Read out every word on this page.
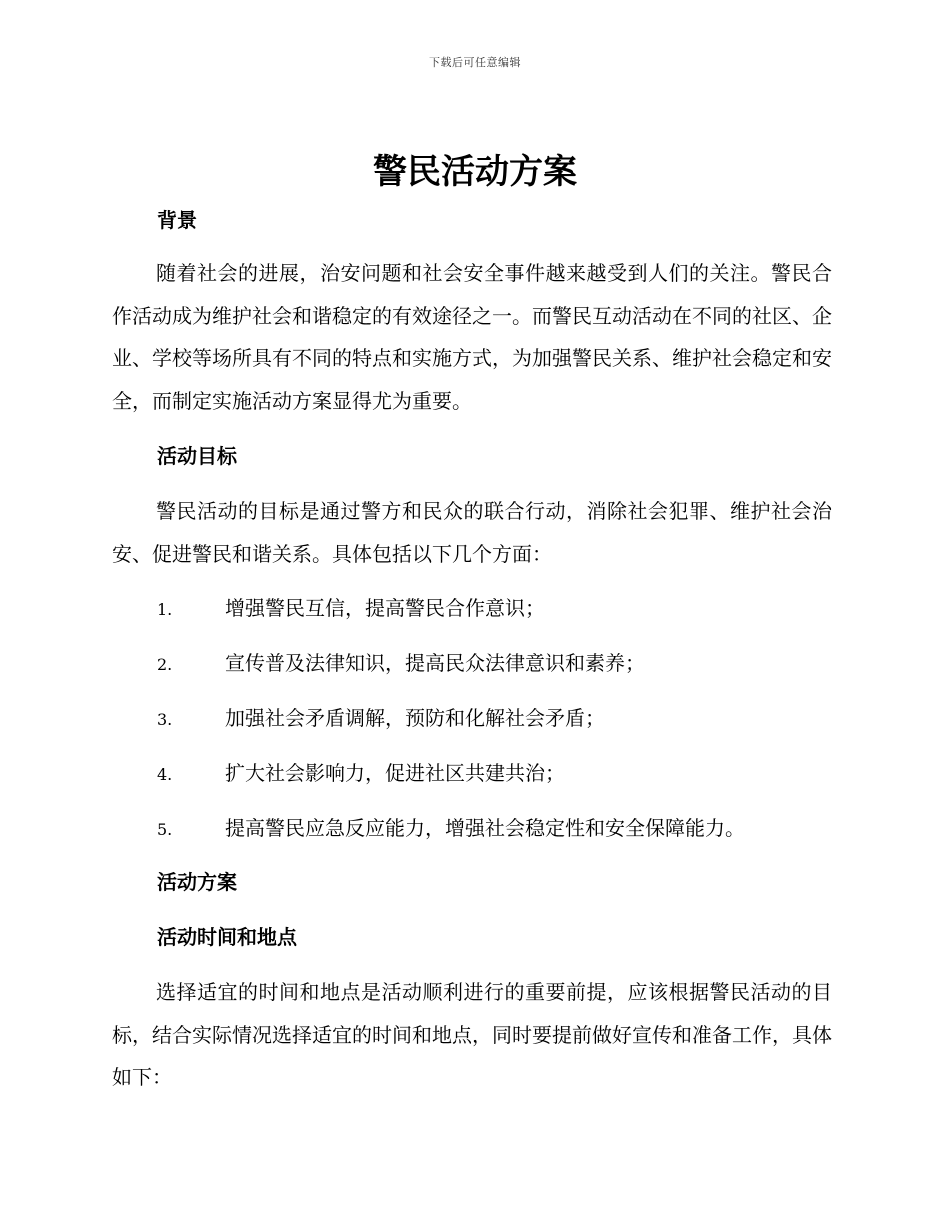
下载后可任意编辑
警民活动方案
背景

随着社会的进展，治安问题和社会安全事件越来越受到人们的关注。警民合作活动成为维护社会和谐稳定的有效途径之一。而警民互动活动在不同的社区、企业、学校等场所具有不同的特点和实施方式，为加强警民关系、维护社会稳定和安全，而制定实施活动方案显得尤为重要。

活动目标

警民活动的目标是通过警方和民众的联合行动，消除社会犯罪、维护社会治安、促进警民和谐关系。具体包括以下几个方面：

1.	增强警民互信，提高警民合作意识；
2.	宣传普及法律知识，提高民众法律意识和素养；
3.	加强社会矛盾调解，预防和化解社会矛盾；
4.	扩大社会影响力，促进社区共建共治；
5.	提高警民应急反应能力，增强社会稳定性和安全保障能力。
活动方案
活动时间和地点

选择适宜的时间和地点是活动顺利进行的重要前提，应该根据警民活动的目标，结合实际情况选择适宜的时间和地点，同时要提前做好宣传和准备工作，具体如下：
